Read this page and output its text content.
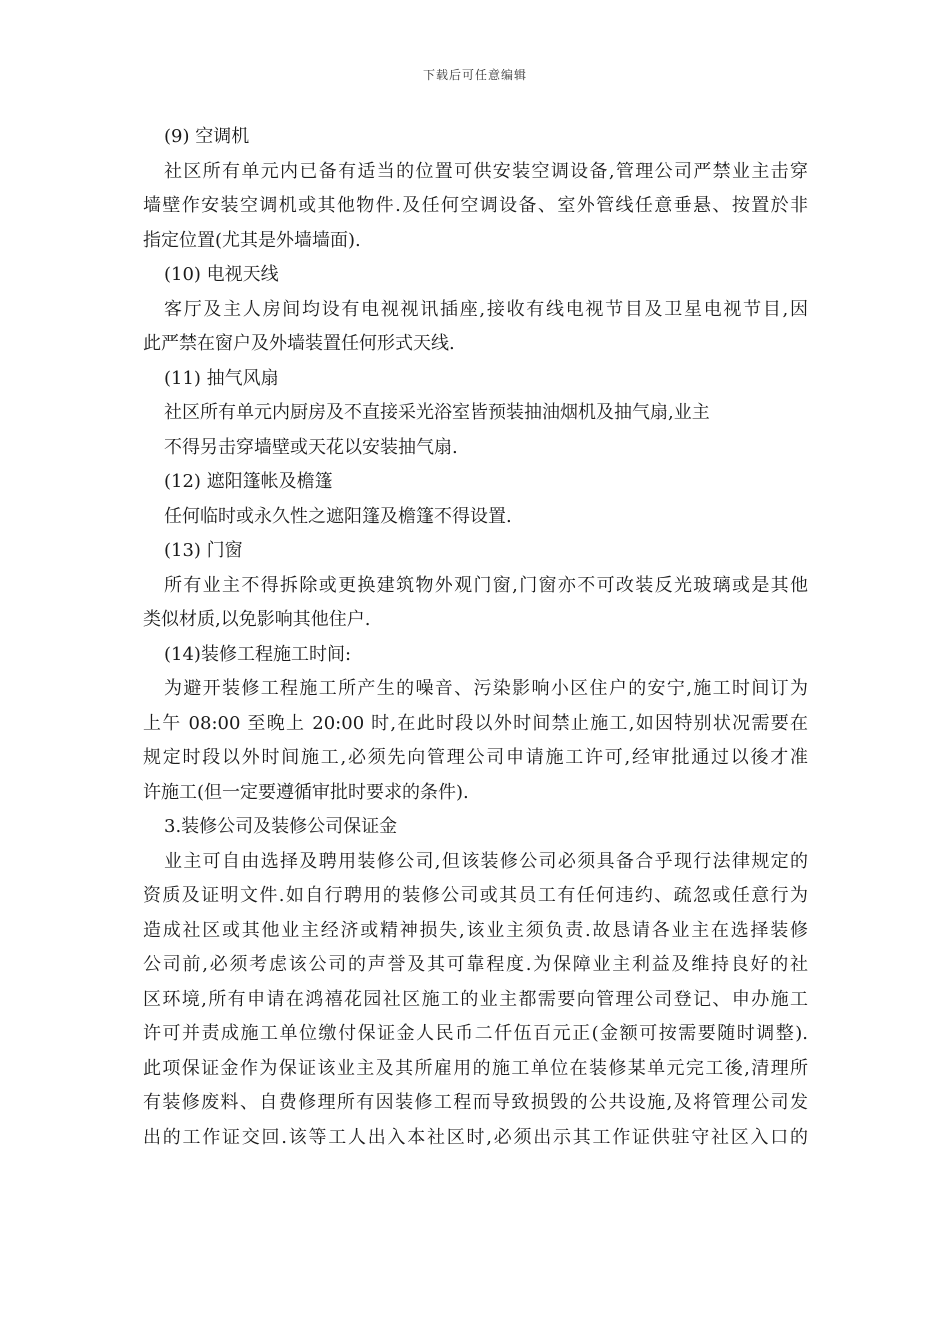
下载后可任意编辑
(9) 空调机
社区所有单元内已备有适当的位置可供安装空调设备,管理公司严禁业主击穿
墙壁作安装空调机或其他物件.及任何空调设备、室外管线任意垂悬、按置於非
指定位置(尤其是外墙墙面).
(10) 电视天线
客厅及主人房间均设有电视视讯插座,接收有线电视节目及卫星电视节目,因
此严禁在窗户及外墙装置任何形式天线.
(11) 抽气风扇
社区所有单元内厨房及不直接采光浴室皆预装抽油烟机及抽气扇,业主
不得另击穿墙壁或天花以安装抽气扇.
(12) 遮阳篷帐及檐篷
任何临时或永久性之遮阳篷及檐篷不得设置.
(13) 门窗
所有业主不得拆除或更换建筑物外观门窗,门窗亦不可改装反光玻璃或是其他
类似材质,以免影响其他住户.
(14)装修工程施工时间:
为避开装修工程施工所产生的噪音、污染影响小区住户的安宁,施工时间订为
上午 08:00 至晚上 20:00 时,在此时段以外时间禁止施工,如因特别状况需要在
规定时段以外时间施工,必须先向管理公司申请施工许可,经审批通过以後才准
许施工(但一定要遵循审批时要求的条件).
3.装修公司及装修公司保证金
业主可自由选择及聘用装修公司,但该装修公司必须具备合乎现行法律规定的
资质及证明文件.如自行聘用的装修公司或其员工有任何违约、疏忽或任意行为
造成社区或其他业主经济或精神损失,该业主须负责.故恳请各业主在选择装修
公司前,必须考虑该公司的声誉及其可靠程度.为保障业主利益及维持良好的社
区环境,所有申请在鸿禧花园社区施工的业主都需要向管理公司登记、申办施工
许可并责成施工单位缴付保证金人民币二仟伍百元正(金额可按需要随时调整).
此项保证金作为保证该业主及其所雇用的施工单位在装修某单元完工後,清理所
有装修废料、自费修理所有因装修工程而导致损毁的公共设施,及将管理公司发
出的工作证交回.该等工人出入本社区时,必须出示其工作证供驻守社区入口的
